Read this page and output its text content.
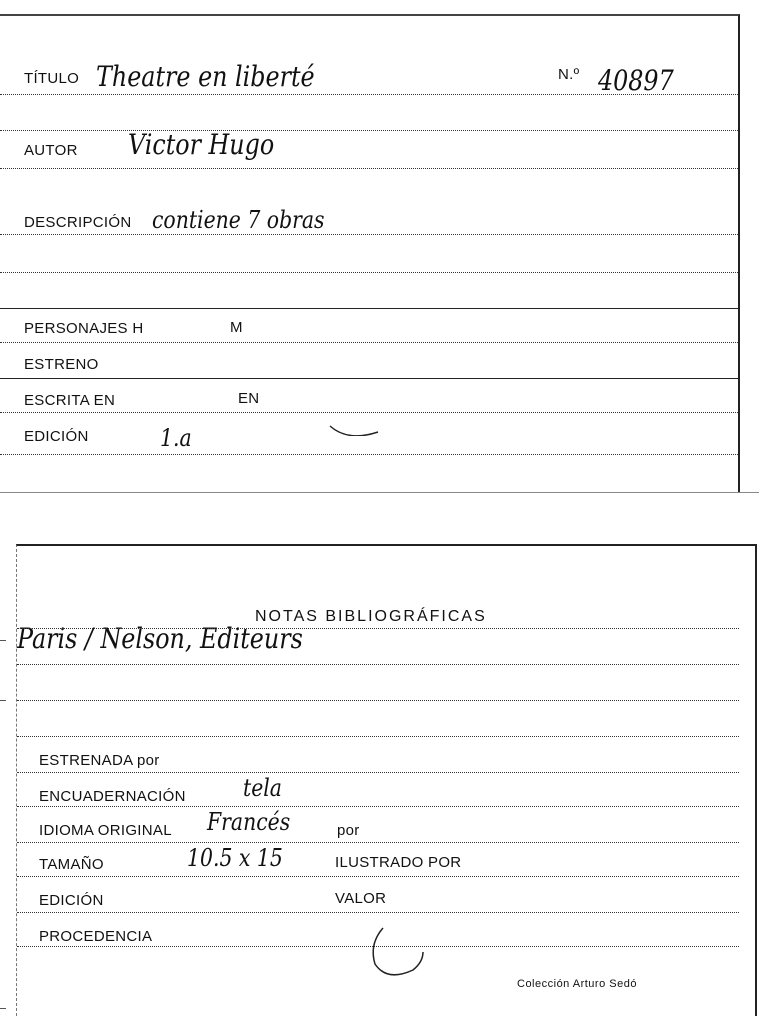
TÍTULO Theatre en liberté	N.º 40897
AUTOR Victor Hugo
DESCRIPCIÓN contiene 7 obras
PERSONAJES H	M
ESTRENO
ESCRITA EN	EN
EDICIÓN	1.a
NOTAS BIBLIOGRÁFICAS
Paris / Nelson, Editeurs
ESTRENADA por
ENCUADERNACIÓN tela
IDIOMA ORIGINAL Francés	por
TAMAÑO	10.5 x 15	ILUSTRADO POR
EDICIÓN	VALOR
PROCEDENCIA
Colección Arturo Sedó
